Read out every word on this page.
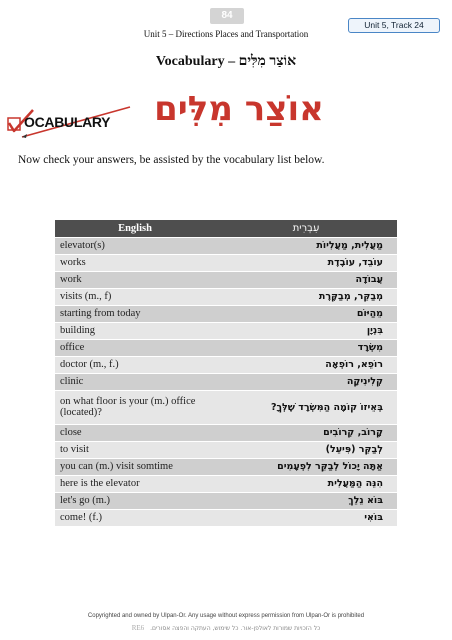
84
Unit 5 – Directions Places and Transportation
Unit 5, Track 24
Vocabulary – אוֹצַר מִלִּים
OCABULARY אוֹצַר מִלִּים
Now check your answers, be assisted by the vocabulary list below.
English	עִבְרִית
elevator(s)	מַעֲלִית, מַעֲלִיוֹת
works	עוֹבֵד, עוֹבֶדֶת
work	עֲבוֹדָה
visits (m., f)	מְבַקֵּר, מְבַקֶּרֶת
starting from today	מֵהַיּוֹם
building	בִּנְיָן
office	מִשְׂרָד
doctor (m., f.)	רוֹפֵא, רוֹפְאָה
clinic	קְלִינִיקָה
on what floor is your (m.) office (located)?	בְּאֵיזוֹ קוֹמָה הַמִּשְׂרָד שֶׁלְּךָ?
close	קָרוֹב, קְרוֹבִים
to visit	לְבַקֵּר (פִּיעֵל)
you can (m.) visit somtime	אַתָּה יָכוֹל לְבַקֵּר לִפְעָמִים
here is the elevator	הִנֵּה הַמַּעֲלִית
let's go (m.)	בּוֹא נֵלֵךְ
come! (f.)	בּוֹאִי
Copyrighted and owned by Ulpan-Or. Any usage without express permission from Ulpan-Or is prohibited
RE6 כל הזכויות שמורות לאולפן-אור. כל שימוש, העתקה והפצה אסורים.
